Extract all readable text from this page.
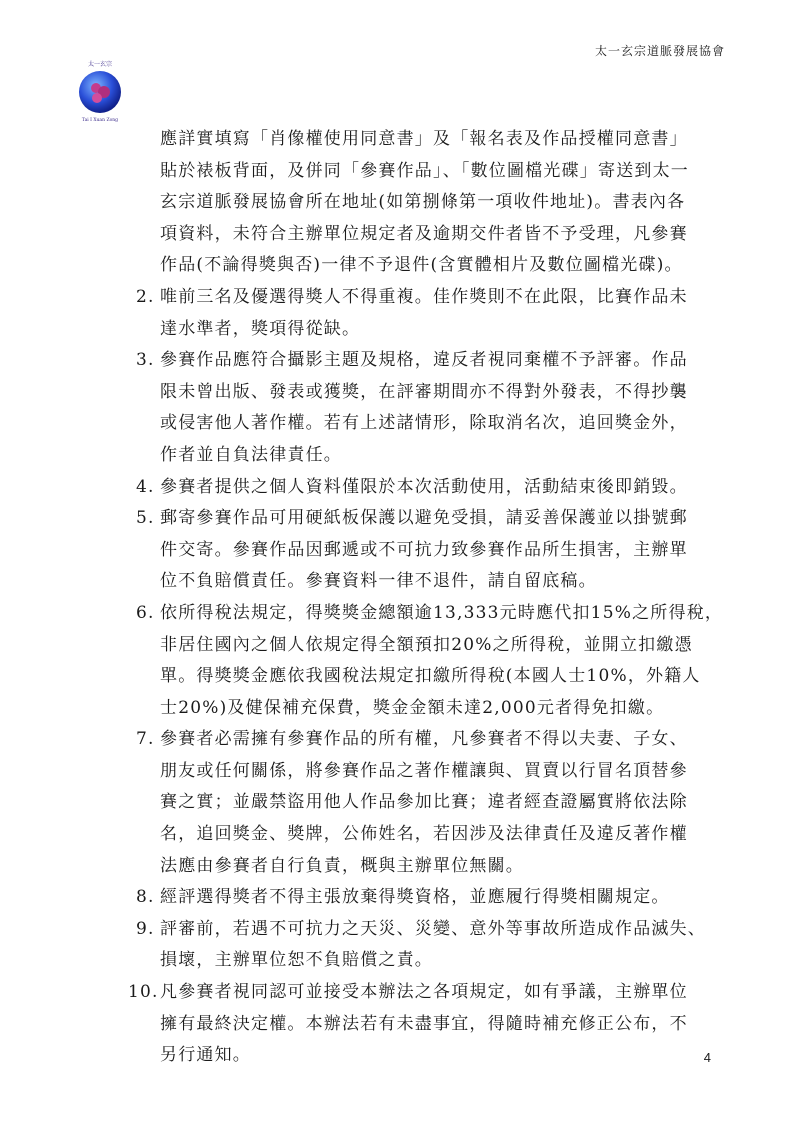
太一玄宗道脈發展協會
太一玄宗
Tai I Xuan Zong
應詳實填寫「肖像權使用同意書」及「報名表及作品授權同意書」
貼於裱板背面，及併同「參賽作品」、「數位圖檔光碟」寄送到太一
玄宗道脈發展協會所在地址(如第捌條第一項收件地址)。書表內各
項資料，未符合主辦單位規定者及逾期交件者皆不予受理，凡參賽
作品(不論得獎與否)一律不予退件(含實體相片及數位圖檔光碟)。
2. 唯前三名及優選得獎人不得重複。佳作獎則不在此限，比賽作品未
達水準者，獎項得從缺。
3. 參賽作品應符合攝影主題及規格，違反者視同棄權不予評審。作品
限未曾出版、發表或獲獎，在評審期間亦不得對外發表，不得抄襲
或侵害他人著作權。若有上述諸情形，除取消名次，追回獎金外，
作者並自負法律責任。
4. 參賽者提供之個人資料僅限於本次活動使用，活動結束後即銷毀。
5. 郵寄參賽作品可用硬紙板保護以避免受損，請妥善保護並以掛號郵
件交寄。參賽作品因郵遞或不可抗力致參賽作品所生損害，主辦單
位不負賠償責任。參賽資料一律不退件，請自留底稿。
6. 依所得稅法規定，得獎獎金總額逾13,333元時應代扣15%之所得稅，
非居住國內之個人依規定得全額預扣20%之所得稅，並開立扣繳憑
單。得獎獎金應依我國稅法規定扣繳所得稅(本國人士10%，外籍人
士20%)及健保補充保費，獎金金額未達2,000元者得免扣繳。
7. 參賽者必需擁有參賽作品的所有權，凡參賽者不得以夫妻、子女、
朋友或任何關係，將參賽作品之著作權讓與、買賣以行冒名頂替參
賽之實；並嚴禁盜用他人作品參加比賽；違者經查證屬實將依法除
名，追回獎金、獎牌，公佈姓名，若因涉及法律責任及違反著作權
法應由參賽者自行負責，概與主辦單位無關。
8. 經評選得獎者不得主張放棄得獎資格，並應履行得獎相關規定。
9. 評審前，若遇不可抗力之天災、災變、意外等事故所造成作品滅失、
損壞，主辦單位恕不負賠償之責。
10.凡參賽者視同認可並接受本辦法之各項規定，如有爭議，主辦單位
擁有最終決定權。本辦法若有未盡事宜，得隨時補充修正公布，不
另行通知。	4
